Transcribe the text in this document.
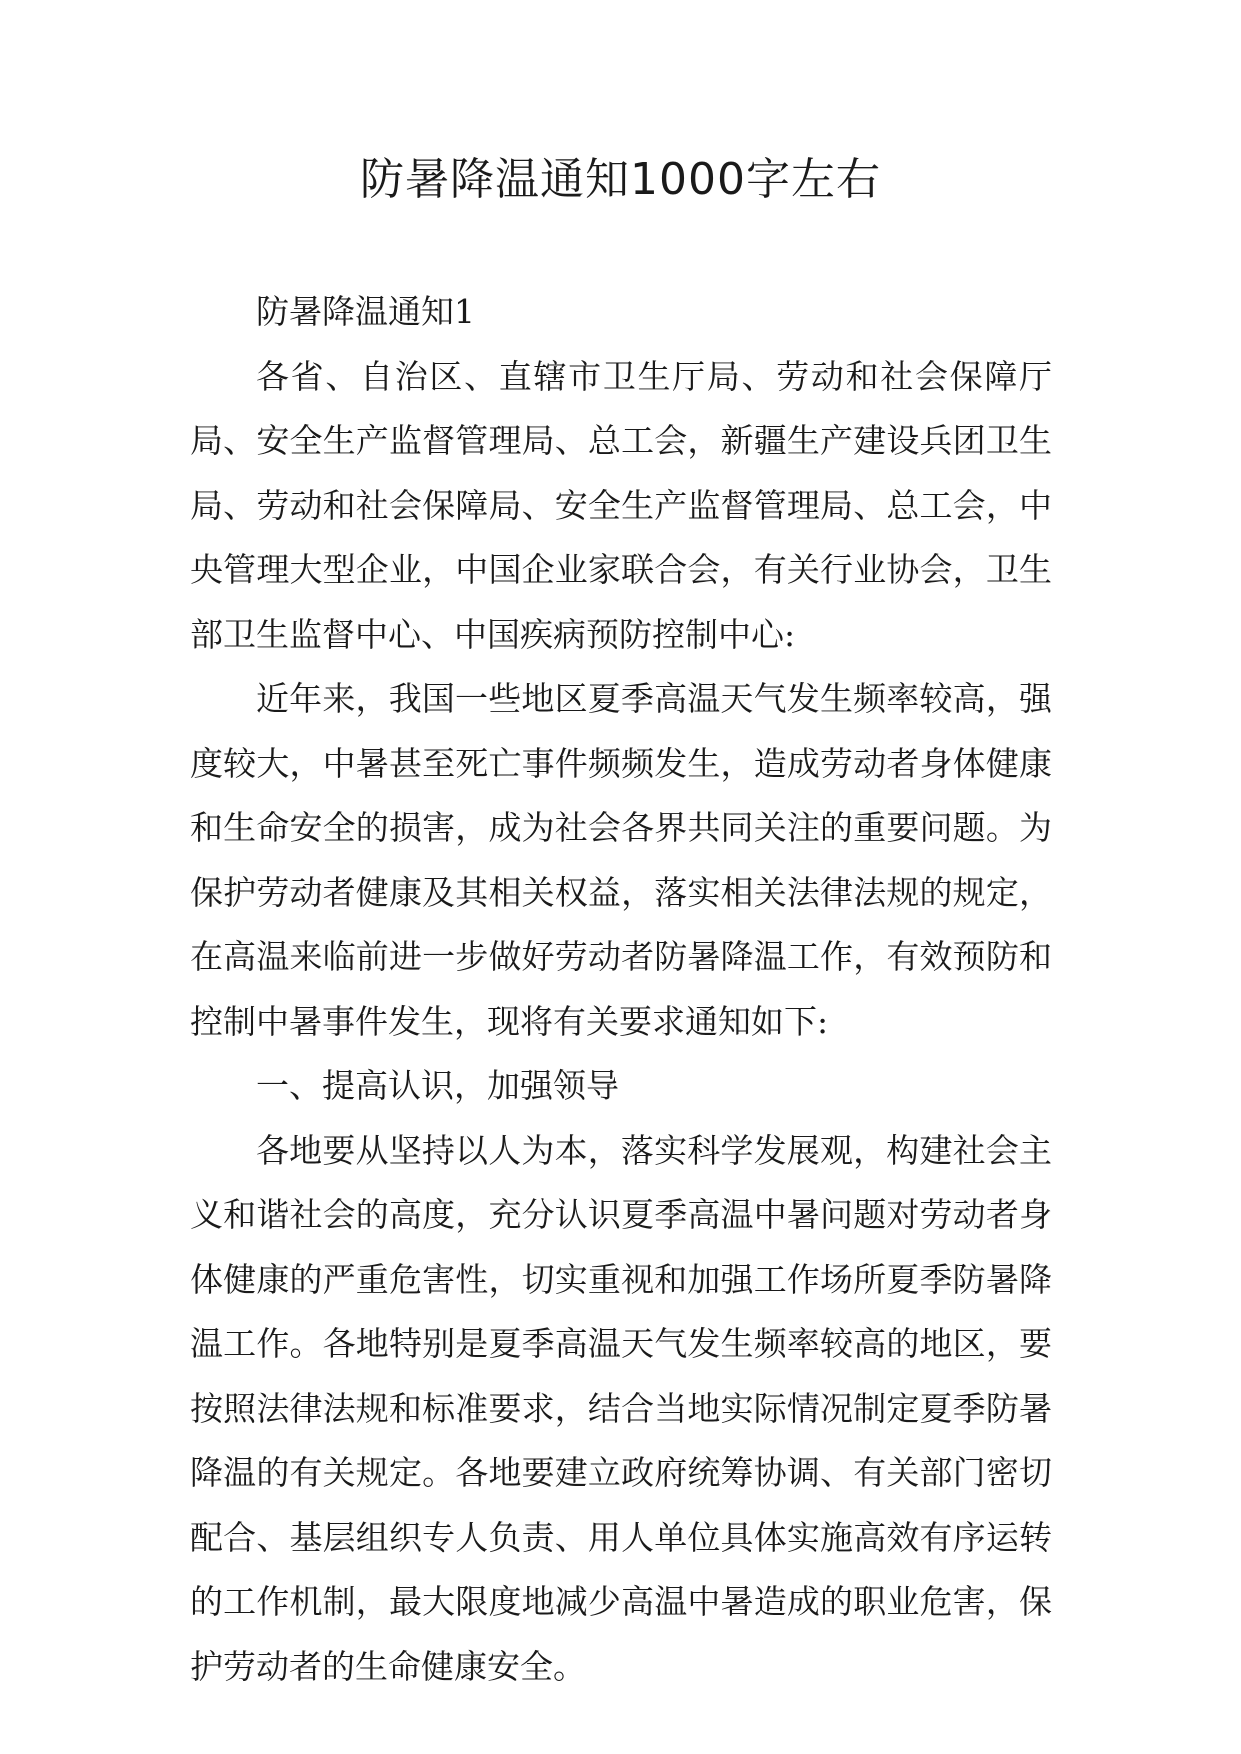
防暑降温通知1000字左右

防暑降温通知1

各省、自治区、直辖市卫生厅局、劳动和社会保障厅局、安全生产监督管理局、总工会，新疆生产建设兵团卫生局、劳动和社会保障局、安全生产监督管理局、总工会，中央管理大型企业，中国企业家联合会，有关行业协会，卫生部卫生监督中心、中国疾病预防控制中心:

近年来，我国一些地区夏季高温天气发生频率较高，强度较大，中暑甚至死亡事件频频发生，造成劳动者身体健康和生命安全的损害，成为社会各界共同关注的重要问题。为保护劳动者健康及其相关权益，落实相关法律法规的规定，在高温来临前进一步做好劳动者防暑降温工作，有效预防和控制中暑事件发生，现将有关要求通知如下:

一、提高认识，加强领导

各地要从坚持以人为本，落实科学发展观，构建社会主义和谐社会的高度，充分认识夏季高温中暑问题对劳动者身体健康的严重危害性，切实重视和加强工作场所夏季防暑降温工作。各地特别是夏季高温天气发生频率较高的地区，要按照法律法规和标准要求，结合当地实际情况制定夏季防暑降温的有关规定。各地要建立政府统筹协调、有关部门密切配合、基层组织专人负责、用人单位具体实施高效有序运转的工作机制，最大限度地减少高温中暑造成的职业危害，保护劳动者的生命健康安全。
